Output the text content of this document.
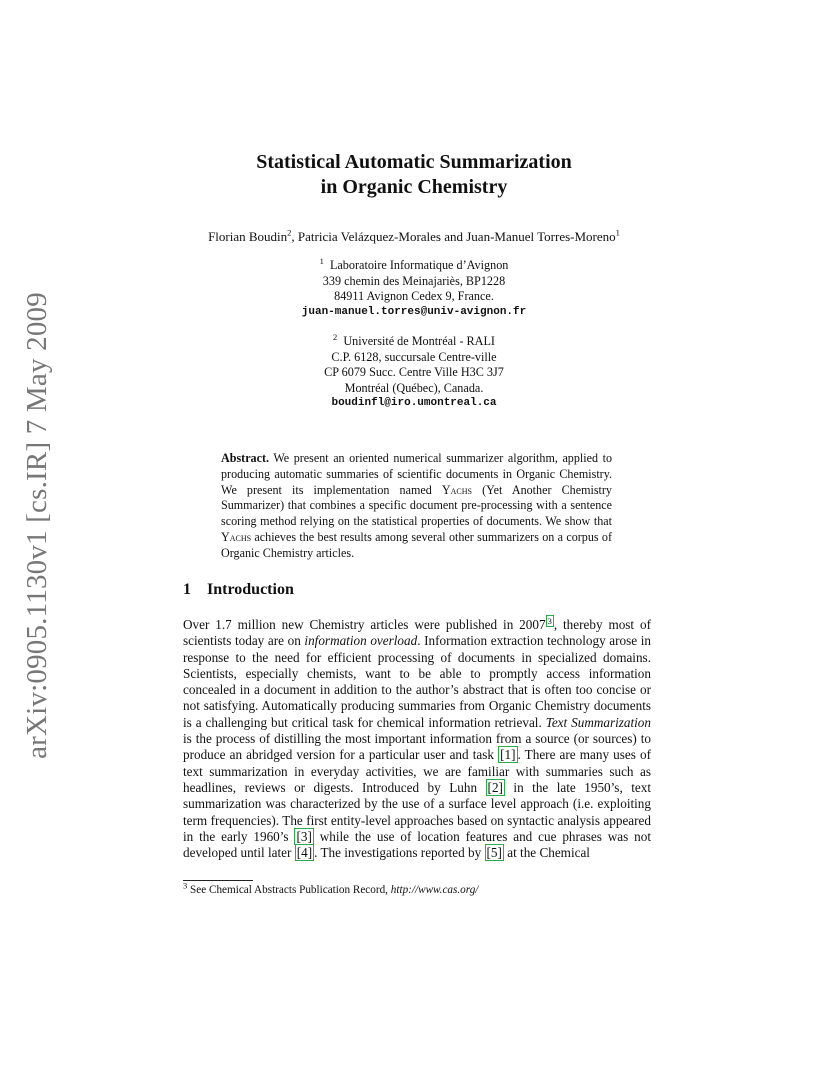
arXiv:0905.1130v1 [cs.IR] 7 May 2009
Statistical Automatic Summarization
in Organic Chemistry
Florian Boudin$^2$, Patricia Velázquez-Morales and Juan-Manuel Torres-Moreno$^1$
$^1$ Laboratoire Informatique d’Avignon
339 chemin des Meinajariès, BP1228
84911 Avignon Cedex 9, France.
juan-manuel.torres@univ-avignon.fr
$^2$ Université de Montréal - RALI
C.P. 6128, succursale Centre-ville
CP 6079 Succ. Centre Ville H3C 3J7
Montréal (Québec), Canada.
boudinfl@iro.umontreal.ca

Abstract. We present an oriented numerical summarizer algorithm, applied to producing automatic summaries of scientific documents in Organic Chemistry. We present its implementation named Yachs (Yet Another Chemistry Summarizer) that combines a specific document pre-processing with a sentence scoring method relying on the statistical properties of documents. We show that Yachs achieves the best results among several other summarizers on a corpus of Organic Chemistry articles.

1 Introduction

Over 1.7 million new Chemistry articles were published in 2007 $^3$ , thereby most of scientists today are on information overload. Information extraction technology arose in response to the need for efficient processing of documents in specialized domains. Scientists, especially chemists, want to be able to promptly access information concealed in a document in addition to the author’s abstract that is often too concise or not satisfying. Automatically producing summaries from Organic Chemistry documents is a challenging but critical task for chemical information retrieval. Text Summarization is the process of distilling the most important information from a source (or sources) to produce an abridged version for a particular user and task [1] . There are many uses of text summarization in everyday activities, we are familiar with summaries such as headlines, reviews or digests. Introduced by Luhn [2] in the late 1950’s, text summarization was characterized by the use of a surface level approach (i.e. exploiting term frequencies). The first entity-level approaches based on syntactic analysis appeared in the early 1960’s [3] while the use of location features and cue phrases was not developed until later [4] . The investigations reported by [5] at the Chemical

$^3$ See Chemical Abstracts Publication Record, http://www.cas.org/
